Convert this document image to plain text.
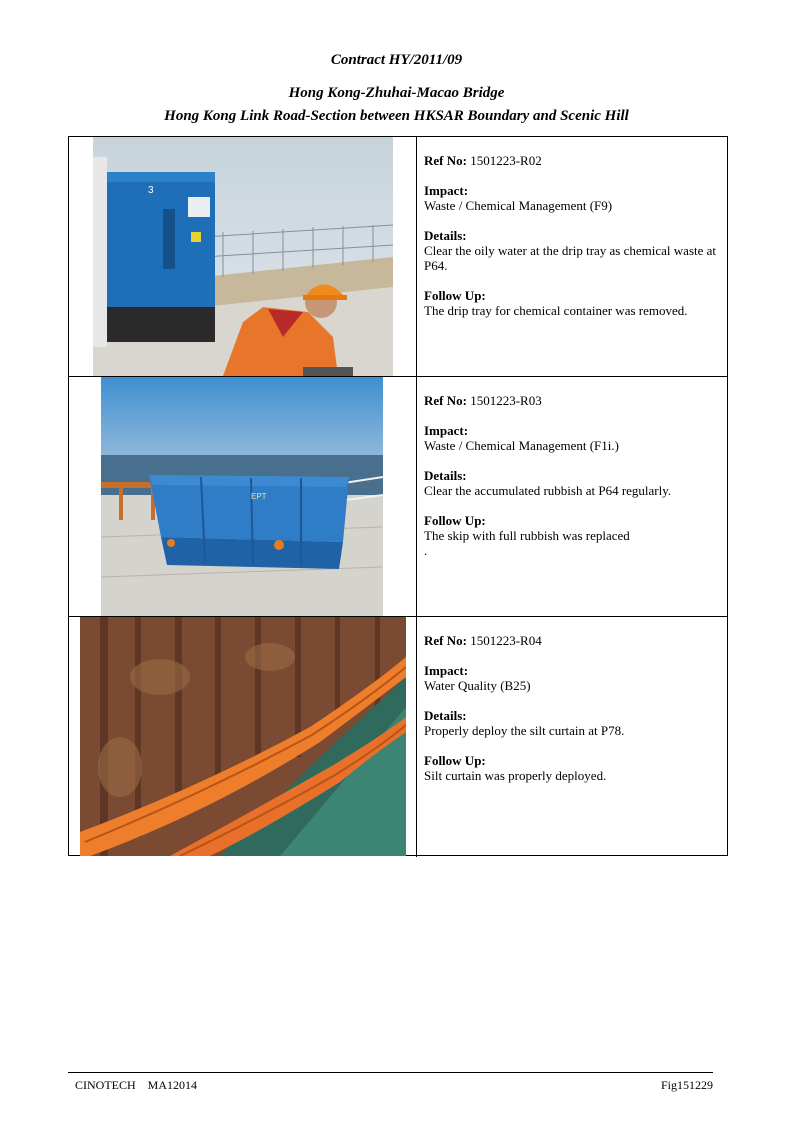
Contract HY/2011/09
Hong Kong-Zhuhai-Macao Bridge
Hong Kong Link Road-Section between HKSAR Boundary and Scenic Hill
3
Ref No: 1501223-R02
Impact:

Waste / Chemical Management (F9)

Details:

Clear the oily water at the drip tray as chemical waste at P64.

Follow Up:

The drip tray for chemical container was removed.

EPT
Ref No: 1501223-R03
Impact:

Waste / Chemical Management (F1i.)

Details:

Clear the accumulated rubbish at P64 regularly.

Follow Up:

The skip with full rubbish was replaced

.

Ref No: 1501223-R04
Impact:

Water Quality (B25)

Details:

Properly deploy the silt curtain at P78.

Follow Up:

Silt curtain was properly deployed.

CINOTECH    MA12014	Fig151229
